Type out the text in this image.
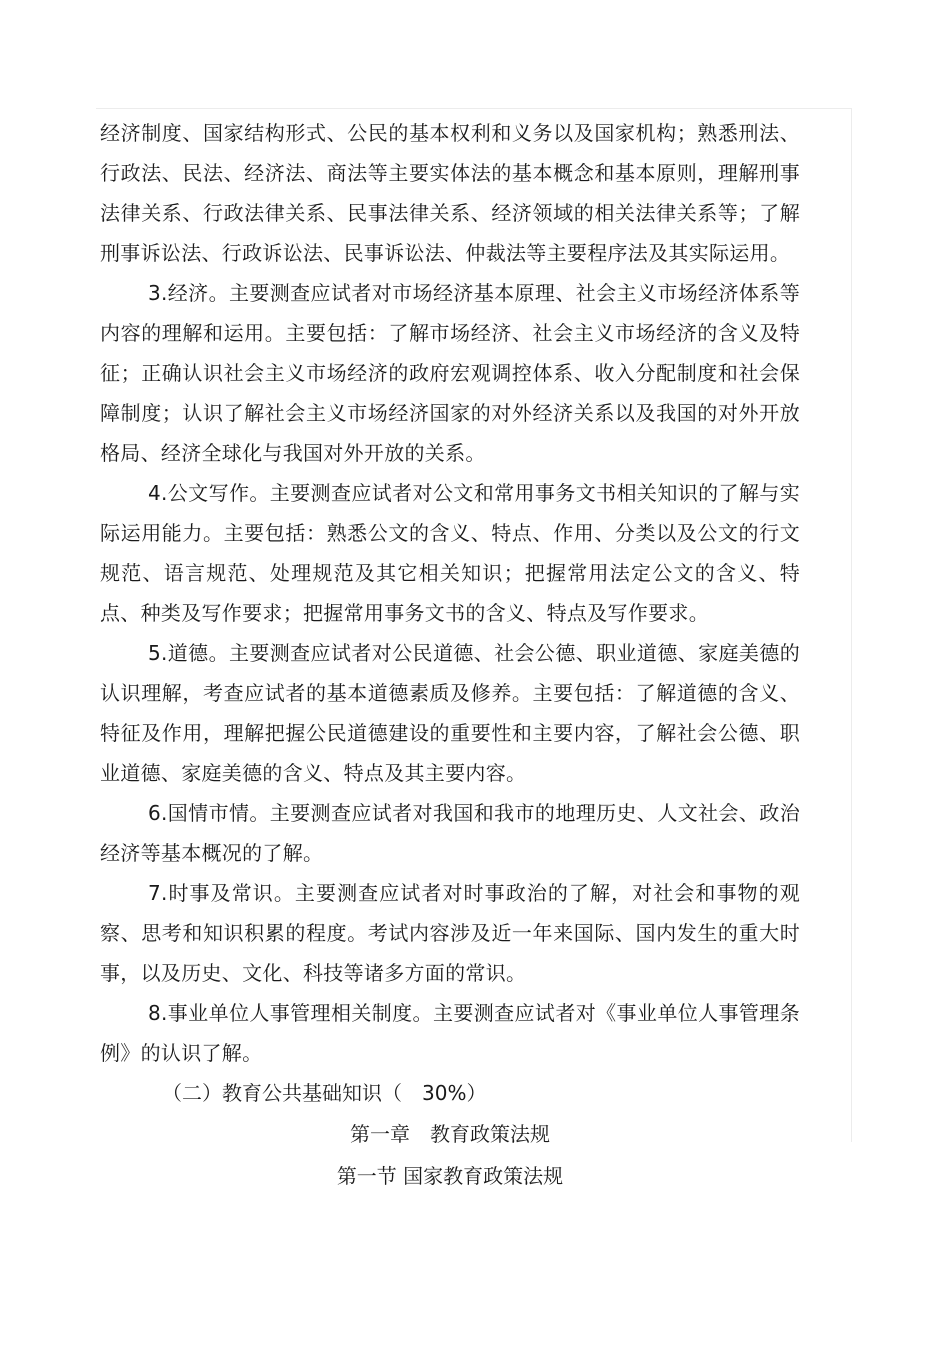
经济制度、国家结构形式、公民的基本权利和义务以及国家机构；熟悉刑法、行政法、民法、经济法、商法等主要实体法的基本概念和基本原则，理解刑事法律关系、行政法律关系、民事法律关系、经济领域的相关法律关系等；了解刑事诉讼法、行政诉讼法、民事诉讼法、仲裁法等主要程序法及其实际运用。

3.经济。主要测查应试者对市场经济基本原理、社会主义市场经济体系等内容的理解和运用。主要包括：了解市场经济、社会主义市场经济的含义及特征；正确认识社会主义市场经济的政府宏观调控体系、收入分配制度和社会保障制度；认识了解社会主义市场经济国家的对外经济关系以及我国的对外开放格局、经济全球化与我国对外开放的关系。

4.公文写作。主要测查应试者对公文和常用事务文书相关知识的了解与实际运用能力。主要包括：熟悉公文的含义、特点、作用、分类以及公文的行文规范、语言规范、处理规范及其它相关知识；把握常用法定公文的含义、特点、种类及写作要求；把握常用事务文书的含义、特点及写作要求。

5.道德。主要测查应试者对公民道德、社会公德、职业道德、家庭美德的认识理解，考查应试者的基本道德素质及修养。主要包括：了解道德的含义、特征及作用，理解把握公民道德建设的重要性和主要内容，了解社会公德、职业道德、家庭美德的含义、特点及其主要内容。

6.国情市情。主要测查应试者对我国和我市的地理历史、人文社会、政治经济等基本概况的了解。

7.时事及常识。主要测查应试者对时事政治的了解，对社会和事物的观察、思考和知识积累的程度。考试内容涉及近一年来国际、国内发生的重大时事，以及历史、文化、科技等诸多方面的常识。

8.事业单位人事管理相关制度。主要测查应试者对《事业单位人事管理条例》的认识了解。

（二）教育公共基础知识（　30%）

第一章　教育政策法规

第一节 国家教育政策法规
